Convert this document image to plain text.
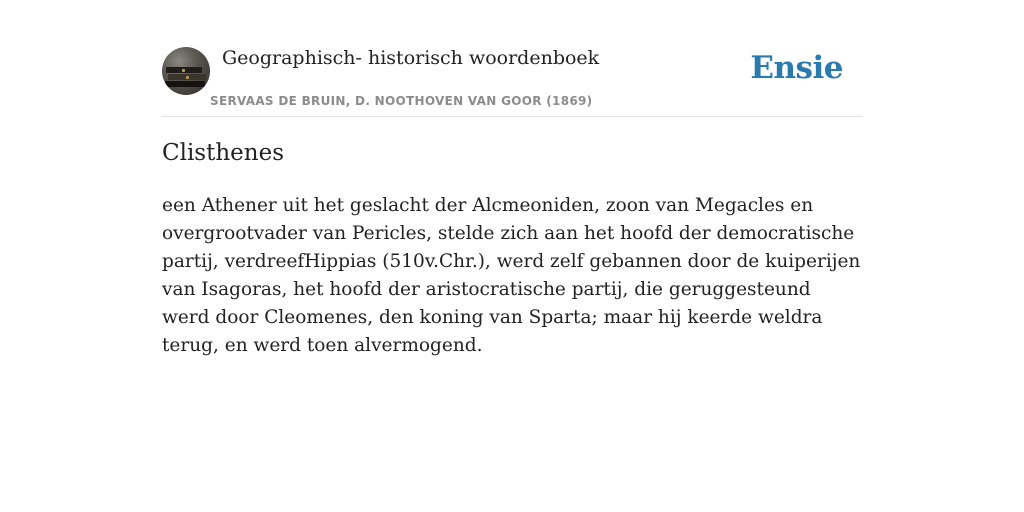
Geographisch- historisch woordenboek
SERVAAS DE BRUIN, D. NOOTHOVEN VAN GOOR (1869)
Ensie
Clisthenes

een Athener uit het geslacht der Alcmeoniden, zoon van Megacles en overgrootvader van Pericles, stelde zich aan het hoofd der democratische partij, verdreefHippias (510v.Chr.), werd zelf gebannen door de kuiperijen van Isagoras, het hoofd der aristocratische partij, die geruggesteund werd door Cleomenes, den koning van Sparta; maar hij keerde weldra terug, en werd toen alvermogend.
